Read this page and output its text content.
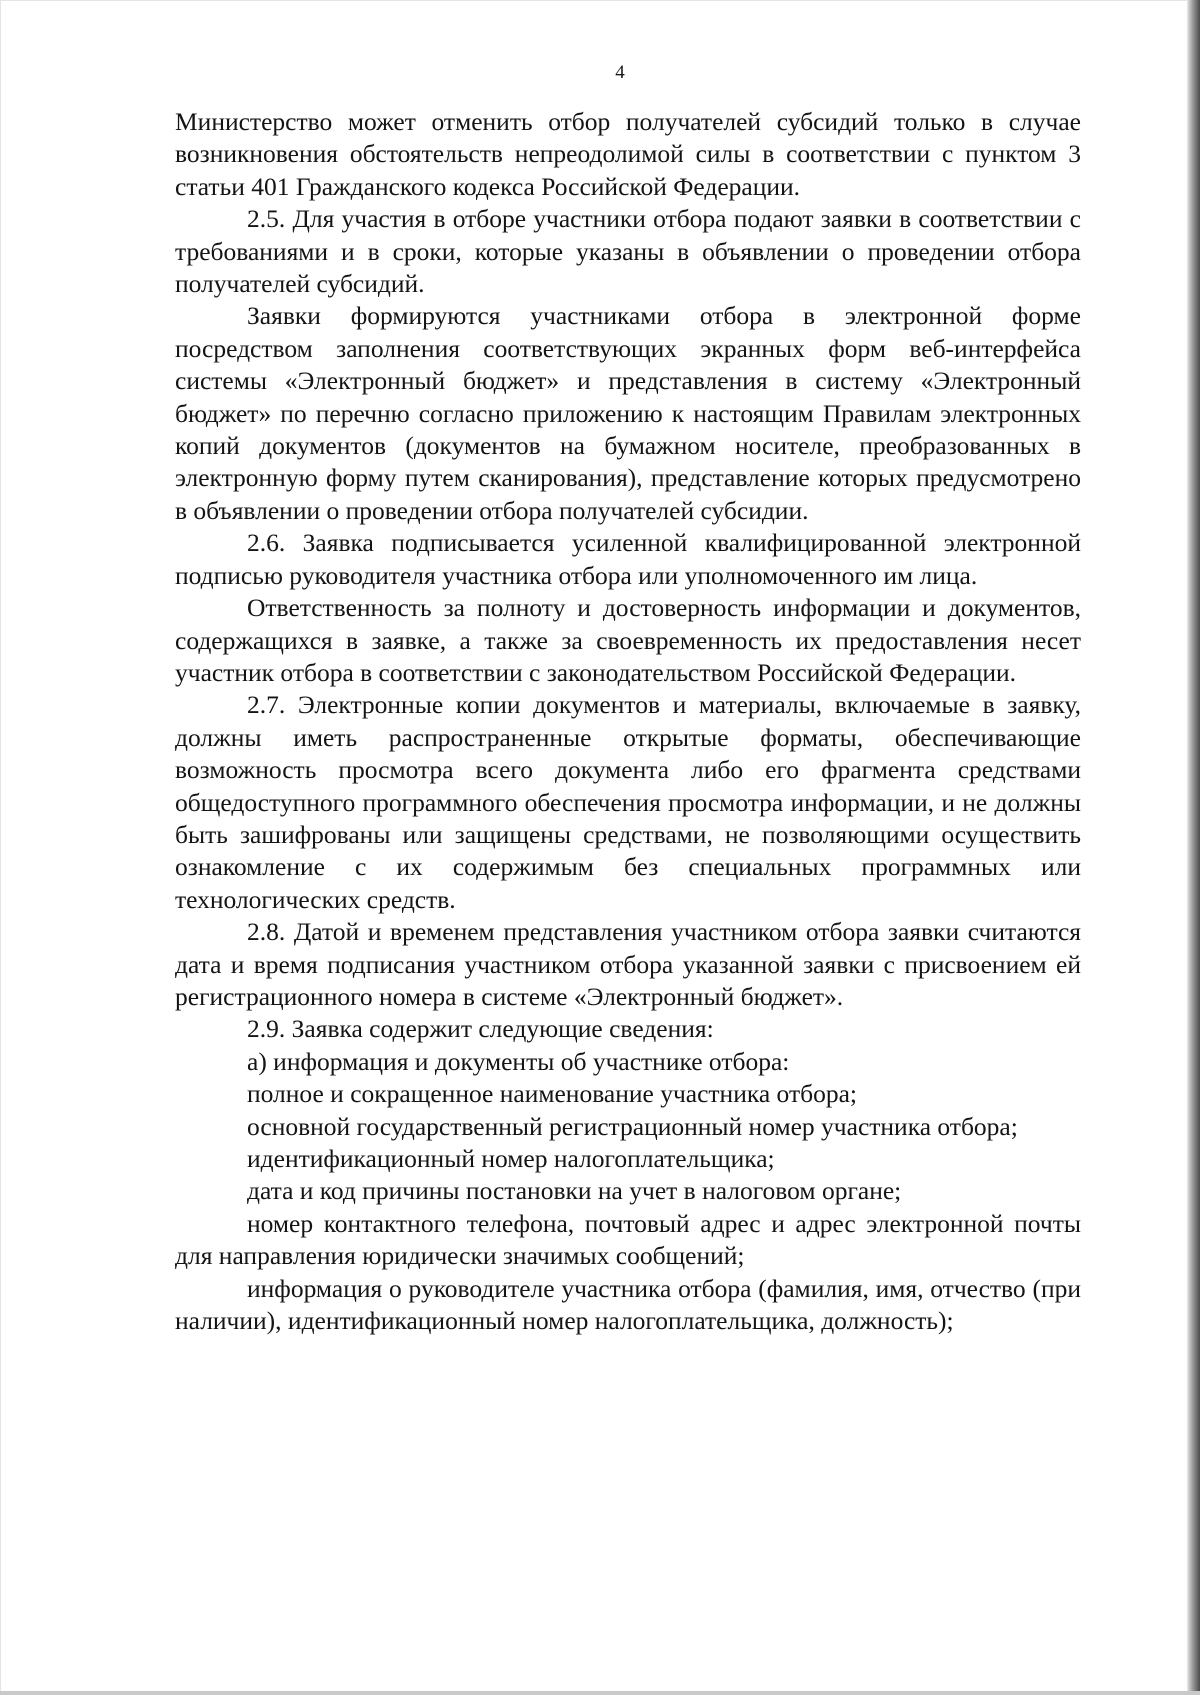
4

Министерство может отменить отбор получателей субсидий только в случае возникновения обстоятельств непреодолимой силы в соответствии с пунктом 3 статьи 401 Гражданского кодекса Российской Федерации.

2.5. Для участия в отборе участники отбора подают заявки в соответствии с требованиями и в сроки, которые указаны в объявлении о проведении отбора получателей субсидий.

Заявки формируются участниками отбора в электронной форме посредством заполнения соответствующих экранных форм веб-интерфейса системы «Электронный бюджет» и представления в систему «Электронный бюджет» по перечню согласно приложению к настоящим Правилам электронных копий документов (документов на бумажном носителе, преобразованных в электронную форму путем сканирования), представление которых предусмотрено в объявлении о проведении отбора получателей субсидии.

2.6. Заявка подписывается усиленной квалифицированной электронной подписью руководителя участника отбора или уполномоченного им лица.

Ответственность за полноту и достоверность информации и документов, содержащихся в заявке, а также за своевременность их предоставления несет участник отбора в соответствии с законодательством Российской Федерации.

2.7. Электронные копии документов и материалы, включаемые в заявку, должны иметь распространенные открытые форматы, обеспечивающие возможность просмотра всего документа либо его фрагмента средствами общедоступного программного обеспечения просмотра информации, и не должны быть зашифрованы или защищены средствами, не позволяющими осуществить ознакомление с их содержимым без специальных программных или технологических средств.

2.8. Датой и временем представления участником отбора заявки считаются дата и время подписания участником отбора указанной заявки с присвоением ей регистрационного номера в системе «Электронный бюджет».

2.9. Заявка содержит следующие сведения:

а) информация и документы об участнике отбора:

полное и сокращенное наименование участника отбора;

основной государственный регистрационный номер участника отбора;

идентификационный номер налогоплательщика;

дата и код причины постановки на учет в налоговом органе;

номер контактного телефона, почтовый адрес и адрес электронной почты для направления юридически значимых сообщений;

информация о руководителе участника отбора (фамилия, имя, отчество (при наличии), идентификационный номер налогоплательщика, должность);
